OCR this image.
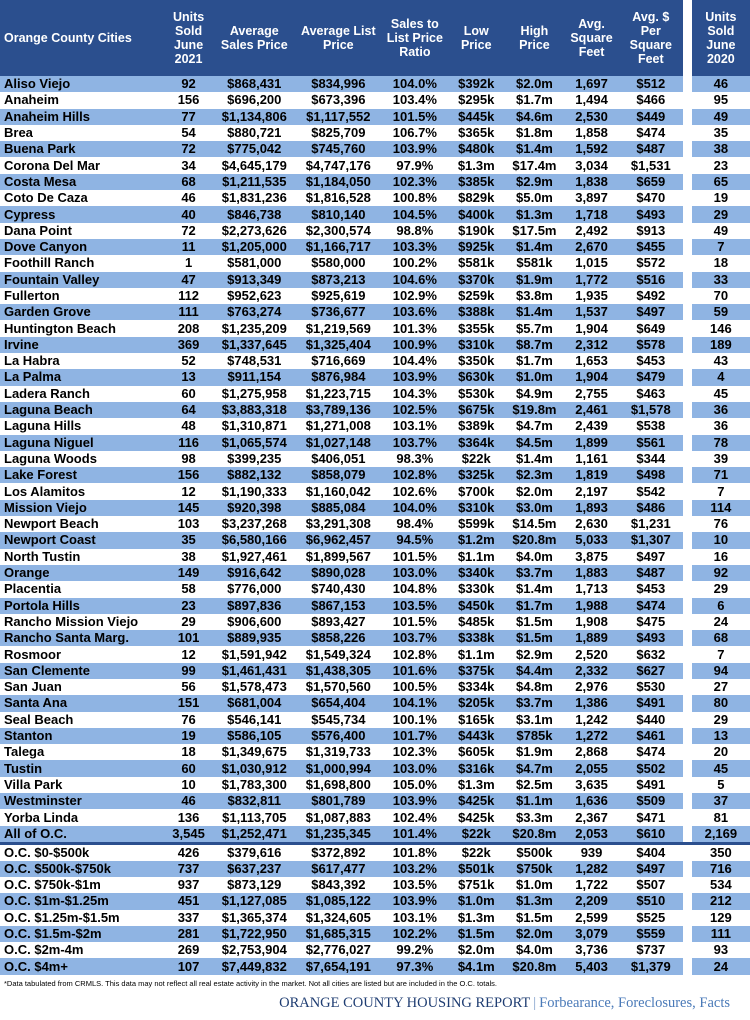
Orange County Cities	Units Sold June 2021	Average Sales Price	Average List Price	Sales to List Price Ratio	Low Price	High Price	Avg. Square Feet	Avg. $ Per Square Feet		Units Sold June 2020
Aliso Viejo	92	$868,431	$834,996	104.0%	$392k	$2.0m	1,697	$512		46
Anaheim	156	$696,200	$673,396	103.4%	$295k	$1.7m	1,494	$466		95
Anaheim Hills	77	$1,134,806	$1,117,552	101.5%	$445k	$4.6m	2,530	$449		49
Brea	54	$880,721	$825,709	106.7%	$365k	$1.8m	1,858	$474		35
Buena Park	72	$775,042	$745,760	103.9%	$480k	$1.4m	1,592	$487		38
Corona Del Mar	34	$4,645,179	$4,747,176	97.9%	$1.3m	$17.4m	3,034	$1,531		23
Costa Mesa	68	$1,211,535	$1,184,050	102.3%	$385k	$2.9m	1,838	$659		65
Coto De Caza	46	$1,831,236	$1,816,528	100.8%	$829k	$5.0m	3,897	$470		19
Cypress	40	$846,738	$810,140	104.5%	$400k	$1.3m	1,718	$493		29
Dana Point	72	$2,273,626	$2,300,574	98.8%	$190k	$17.5m	2,492	$913		49
Dove Canyon	11	$1,205,000	$1,166,717	103.3%	$925k	$1.4m	2,670	$455		7
Foothill Ranch	1	$581,000	$580,000	100.2%	$581k	$581k	1,015	$572		18
Fountain Valley	47	$913,349	$873,213	104.6%	$370k	$1.9m	1,772	$516		33
Fullerton	112	$952,623	$925,619	102.9%	$259k	$3.8m	1,935	$492		70
Garden Grove	111	$763,274	$736,677	103.6%	$388k	$1.4m	1,537	$497		59
Huntington Beach	208	$1,235,209	$1,219,569	101.3%	$355k	$5.7m	1,904	$649		146
Irvine	369	$1,337,645	$1,325,404	100.9%	$310k	$8.7m	2,312	$578		189
La Habra	52	$748,531	$716,669	104.4%	$350k	$1.7m	1,653	$453		43
La Palma	13	$911,154	$876,984	103.9%	$630k	$1.0m	1,904	$479		4
Ladera Ranch	60	$1,275,958	$1,223,715	104.3%	$530k	$4.9m	2,755	$463		45
Laguna Beach	64	$3,883,318	$3,789,136	102.5%	$675k	$19.8m	2,461	$1,578		36
Laguna Hills	48	$1,310,871	$1,271,008	103.1%	$389k	$4.7m	2,439	$538		36
Laguna Niguel	116	$1,065,574	$1,027,148	103.7%	$364k	$4.5m	1,899	$561		78
Laguna Woods	98	$399,235	$406,051	98.3%	$22k	$1.4m	1,161	$344		39
Lake Forest	156	$882,132	$858,079	102.8%	$325k	$2.3m	1,819	$498		71
Los Alamitos	12	$1,190,333	$1,160,042	102.6%	$700k	$2.0m	2,197	$542		7
Mission Viejo	145	$920,398	$885,084	104.0%	$310k	$3.0m	1,893	$486		114
Newport Beach	103	$3,237,268	$3,291,308	98.4%	$599k	$14.5m	2,630	$1,231		76
Newport Coast	35	$6,580,166	$6,962,457	94.5%	$1.2m	$20.8m	5,033	$1,307		10
North Tustin	38	$1,927,461	$1,899,567	101.5%	$1.1m	$4.0m	3,875	$497		16
Orange	149	$916,642	$890,028	103.0%	$340k	$3.7m	1,883	$487		92
Placentia	58	$776,000	$740,430	104.8%	$330k	$1.4m	1,713	$453		29
Portola Hills	23	$897,836	$867,153	103.5%	$450k	$1.7m	1,988	$474		6
Rancho Mission Viejo	29	$906,600	$893,427	101.5%	$485k	$1.5m	1,908	$475		24
Rancho Santa Marg.	101	$889,935	$858,226	103.7%	$338k	$1.5m	1,889	$493		68
Rosmoor	12	$1,591,942	$1,549,324	102.8%	$1.1m	$2.9m	2,520	$632		7
San Clemente	99	$1,461,431	$1,438,305	101.6%	$375k	$4.4m	2,332	$627		94
San Juan	56	$1,578,473	$1,570,560	100.5%	$334k	$4.8m	2,976	$530		27
Santa Ana	151	$681,004	$654,404	104.1%	$205k	$3.7m	1,386	$491		80
Seal Beach	76	$546,141	$545,734	100.1%	$165k	$3.1m	1,242	$440		29
Stanton	19	$586,105	$576,400	101.7%	$443k	$785k	1,272	$461		13
Talega	18	$1,349,675	$1,319,733	102.3%	$605k	$1.9m	2,868	$474		20
Tustin	60	$1,030,912	$1,000,994	103.0%	$316k	$4.7m	2,055	$502		45
Villa Park	10	$1,783,300	$1,698,800	105.0%	$1.3m	$2.5m	3,635	$491		5
Westminster	46	$832,811	$801,789	103.9%	$425k	$1.1m	1,636	$509		37
Yorba Linda	136	$1,113,705	$1,087,883	102.4%	$425k	$3.3m	2,367	$471		81
All of O.C.	3,545	$1,252,471	$1,235,345	101.4%	$22k	$20.8m	2,053	$610		2,169
O.C. $0-$500k	426	$379,616	$372,892	101.8%	$22k	$500k	939	$404		350
O.C. $500k-$750k	737	$637,237	$617,477	103.2%	$501k	$750k	1,282	$497		716
O.C. $750k-$1m	937	$873,129	$843,392	103.5%	$751k	$1.0m	1,722	$507		534
O.C. $1m-$1.25m	451	$1,127,085	$1,085,122	103.9%	$1.0m	$1.3m	2,209	$510		212
O.C. $1.25m-$1.5m	337	$1,365,374	$1,324,605	103.1%	$1.3m	$1.5m	2,599	$525		129
O.C. $1.5m-$2m	281	$1,722,950	$1,685,315	102.2%	$1.5m	$2.0m	3,079	$559		111
O.C. $2m-4m	269	$2,753,904	$2,776,027	99.2%	$2.0m	$4.0m	3,736	$737		93
O.C. $4m+	107	$7,449,832	$7,654,191	97.3%	$4.1m	$20.8m	5,403	$1,379		24
*Data tabulated from CRMLS. This data may not reflect all real estate activity in the market. Not all cities are listed but are included in the O.C. totals.
ORANGE COUNTY HOUSING REPORT | Forbearance, Foreclosures, Facts
